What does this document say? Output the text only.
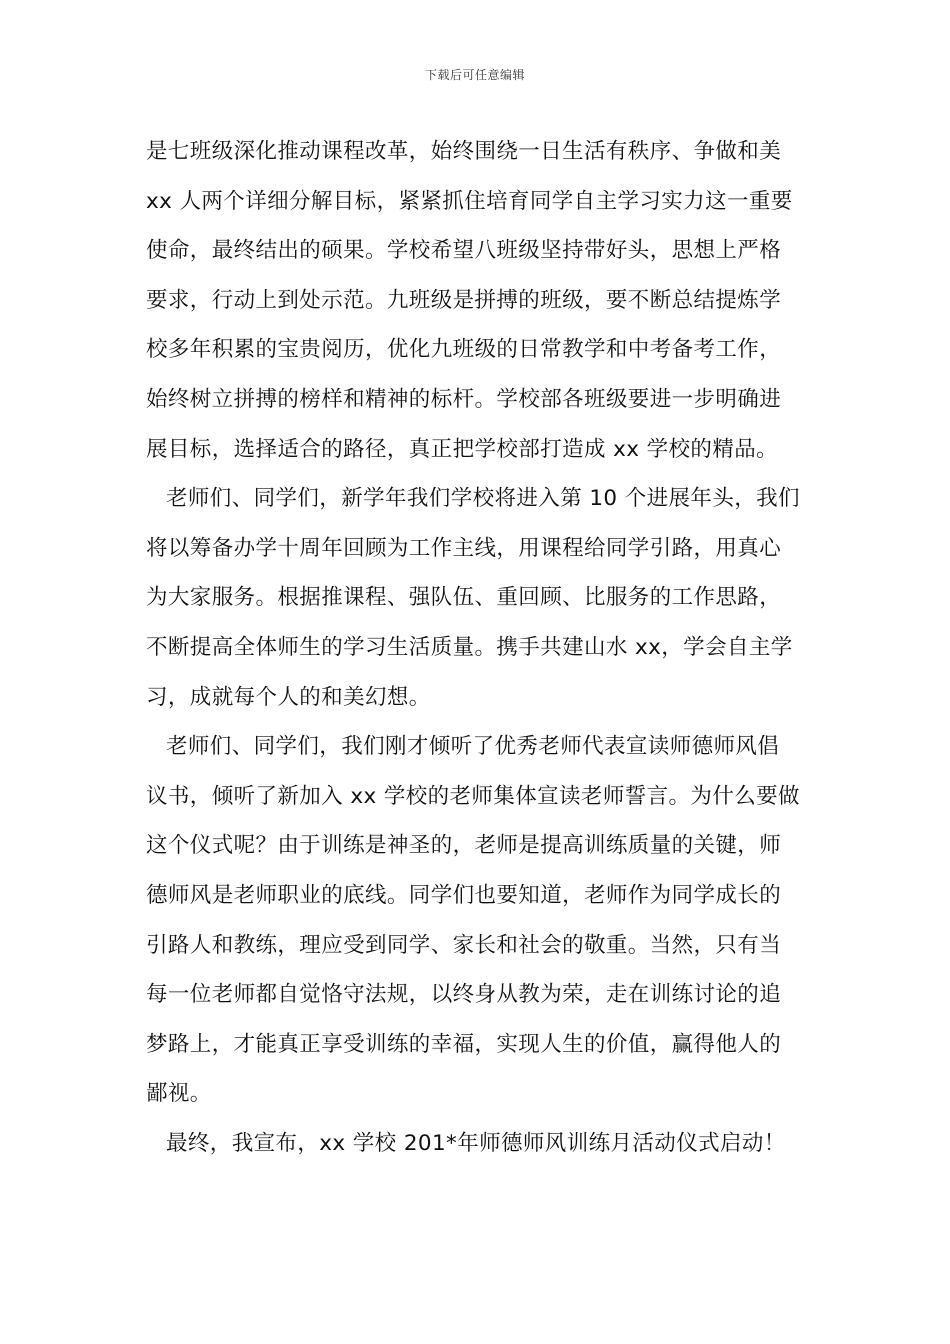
下载后可任意编辑
是七班级深化推动课程改革，始终围绕一日生活有秩序、争做和美
xx 人两个详细分解目标，紧紧抓住培育同学自主学习实力这一重要
使命，最终结出的硕果。学校希望八班级坚持带好头，思想上严格
要求，行动上到处示范。九班级是拼搏的班级，要不断总结提炼学
校多年积累的宝贵阅历，优化九班级的日常教学和中考备考工作，
始终树立拼搏的榜样和精神的标杆。学校部各班级要进一步明确进
展目标，选择适合的路径，真正把学校部打造成 xx 学校的精品。
老师们、同学们，新学年我们学校将进入第 10 个进展年头，我们
将以筹备办学十周年回顾为工作主线，用课程给同学引路，用真心
为大家服务。根据推课程、强队伍、重回顾、比服务的工作思路，
不断提高全体师生的学习生活质量。携手共建山水 xx，学会自主学
习，成就每个人的和美幻想。
老师们、同学们，我们刚才倾听了优秀老师代表宣读师德师风倡
议书，倾听了新加入 xx 学校的老师集体宣读老师誓言。为什么要做
这个仪式呢？由于训练是神圣的，老师是提高训练质量的关键，师
德师风是老师职业的底线。同学们也要知道，老师作为同学成长的
引路人和教练，理应受到同学、家长和社会的敬重。当然，只有当
每一位老师都自觉恪守法规，以终身从教为荣，走在训练讨论的追
梦路上，才能真正享受训练的幸福，实现人生的价值，赢得他人的
鄙视。
最终，我宣布，xx 学校 201*年师德师风训练月活动仪式启动！
